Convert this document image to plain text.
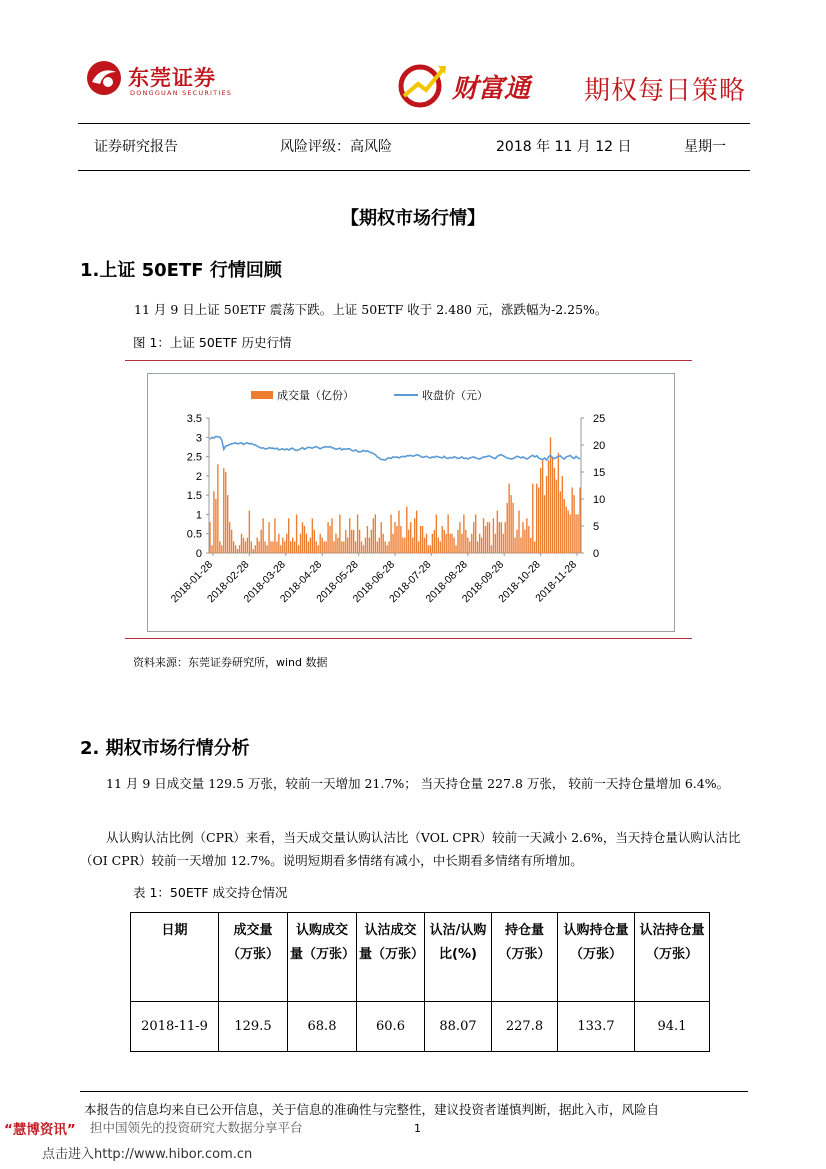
东莞证券
DONGGUAN SECURITIES	财富通 期权每日策略
证券研究报告	风险评级：高风险	2018 年 11 月 12 日	星期一
【期权市场行情】
1.上证 50ETF 行情回顾
11 月 9 日上证 50ETF 震荡下跌。上证 50ETF 收于 2.480 元，涨跌幅为-2.25%。
图 1：上证 50ETF 历史行情
0
0.5
1
1.5
2
2.5
3
3.5
0
5
10
15
20
25
2018-01-28
2018-02-28
2018-03-28
2018-04-28
2018-05-28
2018-06-28
2018-07-28
2018-08-28
2018-09-28
2018-10-28
2018-11-28
成交量（亿份）	收盘价（元）
资料来源：东莞证券研究所，wind 数据
2. 期权市场行情分析
11 月 9 日成交量 129.5 万张，较前一天增加 21.7%； 当天持仓量 227.8 万张， 较前一天持仓量增加 6.4%。
从认购认沽比例（CPR）来看，当天成交量认购认沽比（VOL CPR）较前一天减小 2.6%，当天持仓量认购认沽比（OI CPR）较前一天增加 12.7%。说明短期看多情绪有减小，中长期看多情绪有所增加。
表 1：50ETF 成交持仓情况
日期	成交量（万张）	认购成交量（万张）	认沽成交量（万张）	认沽/认购比(%)	持仓量（万张）	认购持仓量（万张）	认沽持仓量（万张）
2018-11-9	129.5	68.8	60.6	88.07	227.8	133.7	94.1
本报告的信息均来自已公开信息，关于信息的准确性与完整性，建议投资者谨慎判断，据此入市，风险自
“慧博资讯” 担中国领先的投资研究大数据分享平台	1
点击进入http://www.hibor.com.cn
